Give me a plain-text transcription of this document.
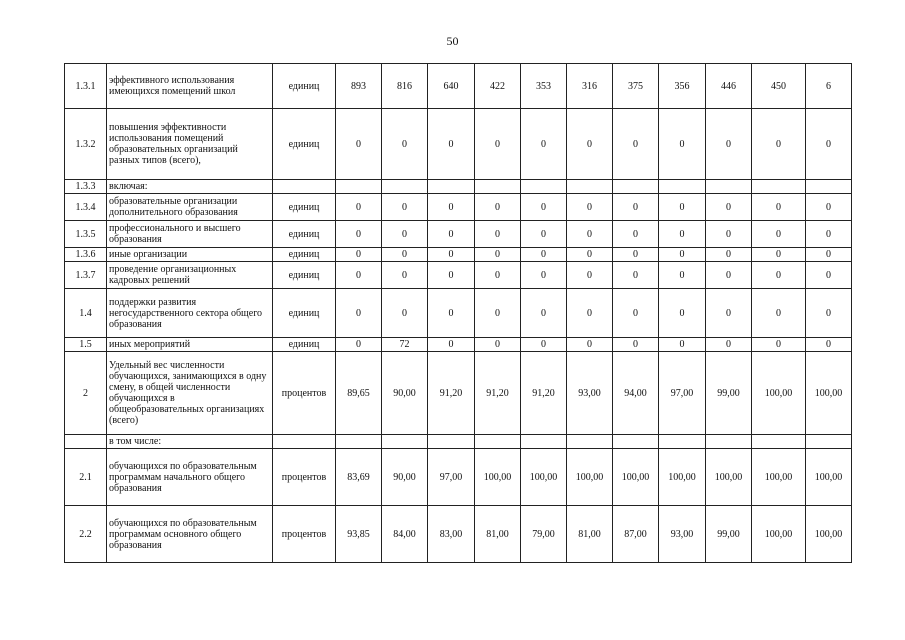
50
1.3.1	эффективного использования имеющихся помещений школ	единиц	893	816	640	422	353	316	375	356	446	450	6
1.3.2	повышения эффективности использования помещений образовательных организаций разных типов (всего),	единиц	0	0	0	0	0	0	0	0	0	0	0
1.3.3	включая:												
1.3.4	образовательные организации дополнительного образования	единиц	0	0	0	0	0	0	0	0	0	0	0
1.3.5	профессионального и высшего образования	единиц	0	0	0	0	0	0	0	0	0	0	0
1.3.6	иные организации	единиц	0	0	0	0	0	0	0	0	0	0	0
1.3.7	проведение организационных кадровых решений	единиц	0	0	0	0	0	0	0	0	0	0	0
1.4	поддержки развития негосударственного сектора общего образования	единиц	0	0	0	0	0	0	0	0	0	0	0
1.5	иных мероприятий	единиц	0	72	0	0	0	0	0	0	0	0	0
2	Удельный вес численности обучающихся, занимающихся в одну смену, в общей численности обучающихся в общеобразовательных организациях (всего)	процентов	89,65	90,00	91,20	91,20	91,20	93,00	94,00	97,00	99,00	100,00	100,00
	в том числе:												
2.1	обучающихся по образовательным программам начального общего образования	процентов	83,69	90,00	97,00	100,00	100,00	100,00	100,00	100,00	100,00	100,00	100,00
2.2	обучающихся по образовательным программам основного общего образования	процентов	93,85	84,00	83,00	81,00	79,00	81,00	87,00	93,00	99,00	100,00	100,00
